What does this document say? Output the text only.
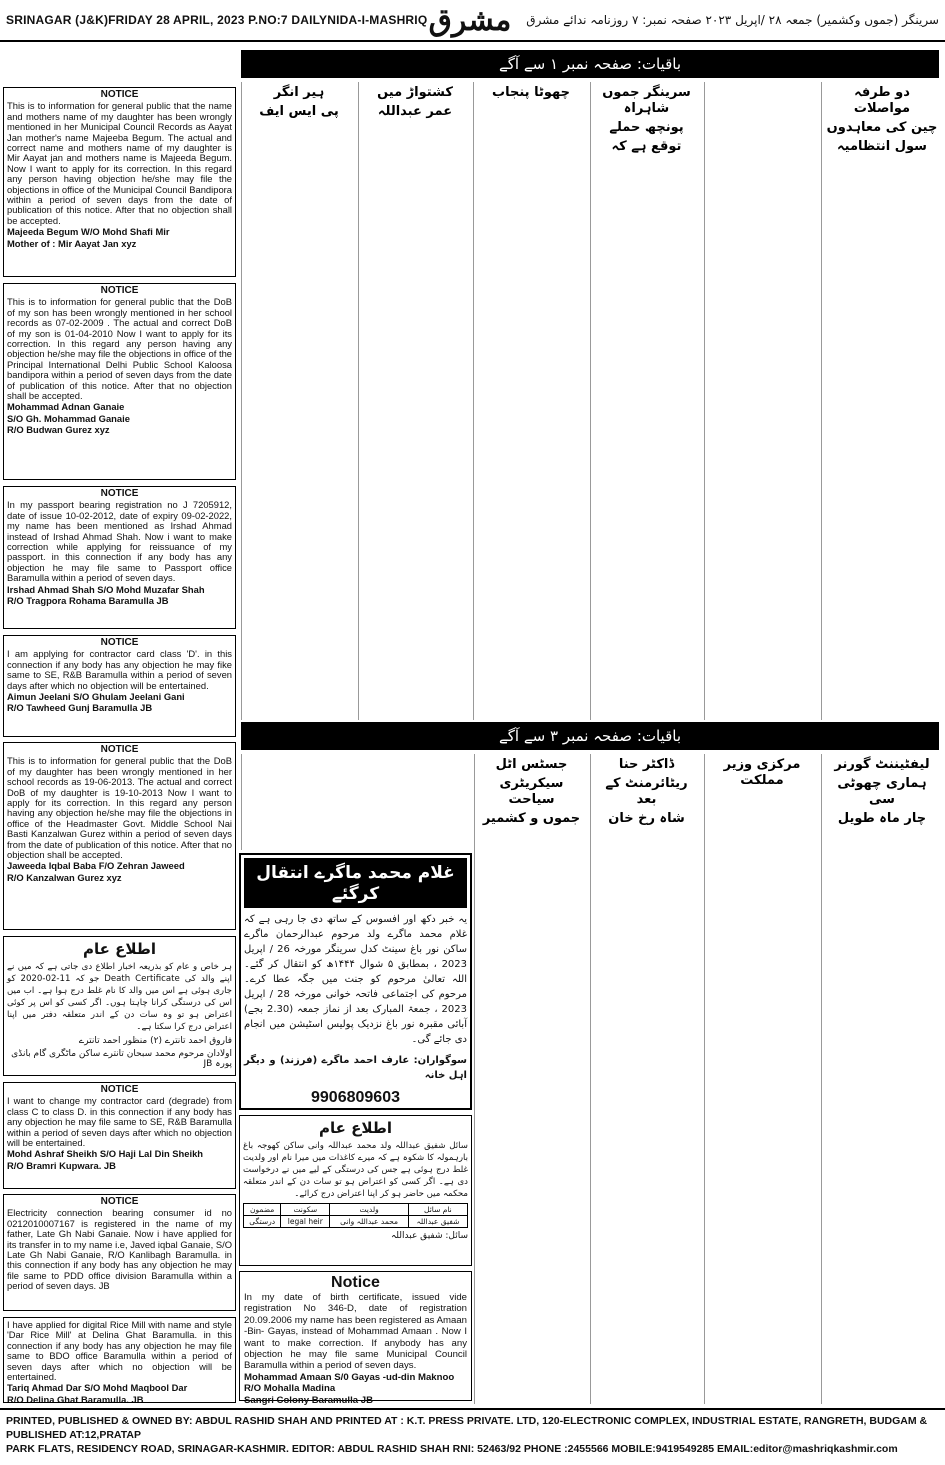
SRINAGAR (J&K)FRIDAY 28 APRIL, 2023 P.NO:7 DAILYNIDA-I-MASHRIQ	سرینگر (جموں وکشمیر) جمعہ ۲۸ /اپریل ۲۰۲۳ صفحہ نمبر: ۷ روزنامہ ندائے مشرق
مشرق
باقیات: صفحہ نمبر ۱ سے آگے
NOTICE
This is to information for general public that the name and mothers name of my daughter has been wrongly mentioned in her Municipal Council Records as Aayat Jan mother's name Majeeba Begum. The actual and correct name and mothers name of my daughter is Mir Aayat jan and mothers name is Majeeda Begum. Now I want to apply for its correction. In this regard any person having objection he/she may file the objections in office of the Municipal Council Bandipora within a period of seven days from the date of publication of this notice. After that no objection shall be accepted.
Majeeda Begum W/O Mohd Shafi Mir
Mother of : Mir Aayat Jan xyz
NOTICE
This is to information for general public that the DoB of my son has been wrongly mentioned in her school records as 07-02-2009 . The actual and correct DoB of my son is 01-04-2010 Now I want to apply for its correction. In this regard any person having any objection he/she may file the objections in office of the Principal International Delhi Public School Kaloosa bandipora within a period of seven days from the date of publication of this notice. After that no objection shall be accepted.
Mohammad Adnan Ganaie
S/O Gh. Mohammad Ganaie
R/O Budwan Gurez xyz
NOTICE
In my passport bearing registration no J 7205912, date of issue 10-02-2012, date of expiry 09-02-2022, my name has been mentioned as Irshad Ahmad instead of Irshad Ahmad Shah. Now i want to make correction while applying for reissuance of my passport. in this connection if any body has any objection he may file same to Passport office Baramulla within a period of seven days.
Irshad Ahmad Shah S/O Mohd Muzafar Shah
R/O Tragpora Rohama Baramulla JB
NOTICE
I am applying for contractor card class 'D'. in this connection if any body has any objection he may fike same to SE, R&B Baramulla within a period of seven days after which no objection will be entertained.
Aimun Jeelani S/O Ghulam Jeelani Gani
R/O Tawheed Gunj Baramulla JB
NOTICE
This is to information for general public that the DoB of my daughter has been wrongly mentioned in her school records as 19-06-2013. The actual and correct DoB of my daughter is 19-10-2013 Now I want to apply for its correction. In this regard any person having any objection he/she may file the objections in office of the Headmaster Govt. Middle School Nai Basti Kanzalwan Gurez within a period of seven days from the date of publication of this notice. After that no objection shall be accepted.
Jaweeda Iqbal Baba F/O Zehran Jaweed
R/O Kanzalwan Gurez xyz
اطلاع عام
ہر خاص و عام کو بذریعہ اخبار اطلاع دی جاتی ہے کہ میں نے اپنے والد کی Death Certificate جو کہ 11-02-2020 کو جاری ہوئی ہے اس میں والد کا نام غلط درج ہوا ہے۔ اب میں اس کی درستگی کرانا چاہتا ہوں۔ اگر کسی کو اس پر کوئی اعتراض ہو تو وہ سات دن کے اندر متعلقہ دفتر میں اپنا اعتراض درج کرا سکتا ہے۔
فاروق احمد تانترے (۲) منظور احمد تانترے
اولادان مرحوم محمد سبحان تانترے ساکن ماٹگری گام بانڈی پورہ JB
NOTICE
I want to change my contractor card (degrade) from class C to class D. in this connection if any body has any objection he may file same to SE, R&B Baramulla within a period of seven days after which no objection will be entertained.
Mohd Ashraf Sheikh S/O Haji Lal Din Sheikh
R/O Bramri Kupwara. JB
NOTICE
Electricity connection bearing consumer id no 0212010007167 is registered in the name of my father, Late Gh Nabi Ganaie. Now i have applied for its transfer in to my name i.e, Javed iqbal Ganaie, S/O Late Gh Nabi Ganaie, R/O Kanlibagh Baramulla. in this connection if any body has any objection he may file same to PDD office division Baramulla within a period of seven days. JB
I have applied for digital Rice Mill with name and style 'Dar Rice Mill' at Delina Ghat Baramulla. in this connection if any body has any objection he may file same to BDO office Baramulla within a period of seven days after which no objection will be entertained.
Tariq Ahmad Dar S/O Mohd Maqbool Dar
R/O Delina Ghat Baramulla. JB
ہیر انگر
پی ایس ایف
کشتواڑ میں
عمر عبداللہ
چھوٹا پنجاب	سرینگر جموں شاہراہ
پونچھ حملے
توقع ہے کہ
دو طرفہ مواصلات
چین کی معاہدوں
سول انتظامیہ
باقیات: صفحہ نمبر ۳ سے آگے
جسٹس اٹل
سیکریٹری سیاحت
جموں و کشمیر
ڈاکٹر حنا
ریٹائرمنٹ کے بعد
شاہ رخ خان
مرکزی وزیر مملکت
لیفٹیننٹ گورنر
ہماری چھوٹی سی
چار ماہ طویل
غلام محمد ماگرے انتقال کرگئے
یہ خبر دکھ اور افسوس کے ساتھ دی جا رہی ہے کہ غلام محمد ماگرے ولد مرحوم عبدالرحمان ماگرے ساکن نور باغ سینٹ کدل سرینگر مورخہ 26 / اپریل 2023 ، بمطابق ۵ شوال ۱۴۴۴ھ کو انتقال کر گئے۔ اللہ تعالیٰ مرحوم کو جنت میں جگہ عطا کرے۔ مرحوم کی اجتماعی فاتحہ خوانی مورخہ 28 / اپریل 2023 ، جمعۃ المبارک بعد از نماز جمعہ (2.30 بجے) آبائی مقبرہ نور باغ نزدیک پولیس اسٹیشن میں انجام دی جائے گی۔
سوگواران: عارف احمد ماگرے (فرزند) و دیگر اہل خانہ
9906809603
اطلاع عام
سائل شفیق عبداللہ ولد محمد عبداللہ وانی ساکن کھوجہ باغ بارہمولہ کا شکوہ ہے کہ میرے کاغذات میں میرا نام اور ولدیت غلط درج ہوئی ہے جس کی درستگی کے لیے میں نے درخواست دی ہے۔ اگر کسی کو اعتراض ہو تو سات دن کے اندر متعلقہ محکمہ میں حاضر ہو کر اپنا اعتراض درج کرائے۔
نام سائل	ولدیت	سکونت	مضمون
شفیق عبداللہ	محمد عبداللہ وانی	legal heir	درستگی
سائل: شفیق عبداللہ
Notice
In my date of birth certificate, issued vide registration No 346-D, date of registration 20.09.2006 my name has been registered as Amaan -Bin- Gayas, instead of Mohammad Amaan . Now I want to make correction. If anybody has any objection he may file same Municipal Council Baramulla within a period of seven days.
Mohammad Amaan S/0 Gayas -ud-din Maknoo
R/O Mohalla Madina
Sangri Colony Baramulla JB
PRINTED, PUBLISHED & OWNED BY: ABDUL RASHID SHAH AND PRINTED AT : K.T. PRESS PRIVATE. LTD, 120-ELECTRONIC COMPLEX, INDUSTRIAL ESTATE, RANGRETH, BUDGAM & PUBLISHED AT:12,PRATAP
PARK FLATS, RESIDENCY ROAD, SRINAGAR-KASHMIR. EDITOR: ABDUL RASHID SHAH RNI: 52463/92 PHONE :2455566 MOBILE:9419549285 EMAIL:editor@mashriqkashmir.com
